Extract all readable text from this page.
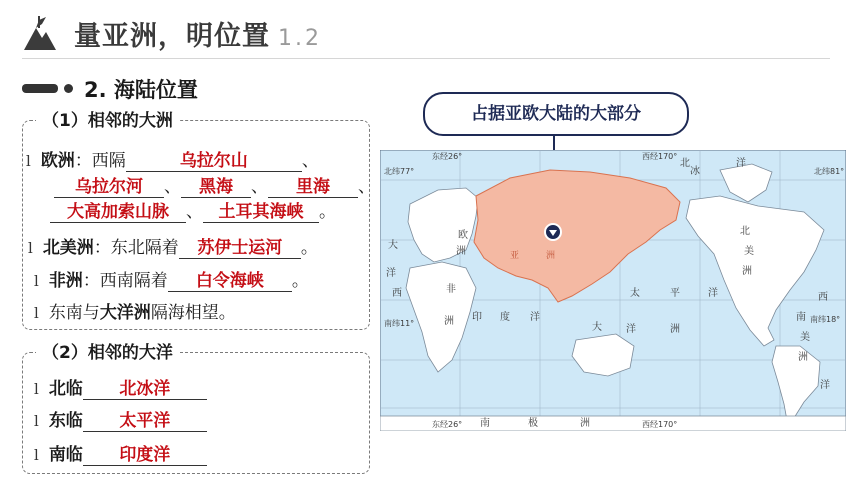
量亚洲，明位置 1.2
2. 海陆位置
（1）相邻的大洲
l 欧洲：西隔	乌拉尔山	、
乌拉尔河 、 黑海 、 里海 、
大高加索山脉 、 土耳其海峡 。
l 北美洲：东北隔着 苏伊士运河 。
l 非洲：西南隔着 白令海峡 。
l 东南与大洋洲隔海相望。
（2）相邻的大洋
l 北临 北冰洋
l 东临 太平洋
l 南临 印度洋
占据亚欧大陆的大部分
东经26°	西经170°
东经26°	西经170°
北纬77°	北纬81°
南纬11°	南纬18°
北
冰
洋
欧
洲	亚	洲
非
洲
大
西
洋
北
美
洲
南
美
洲
太	平	洋
印 度 洋
大 洋	洲
西
洋
南	极	洲
